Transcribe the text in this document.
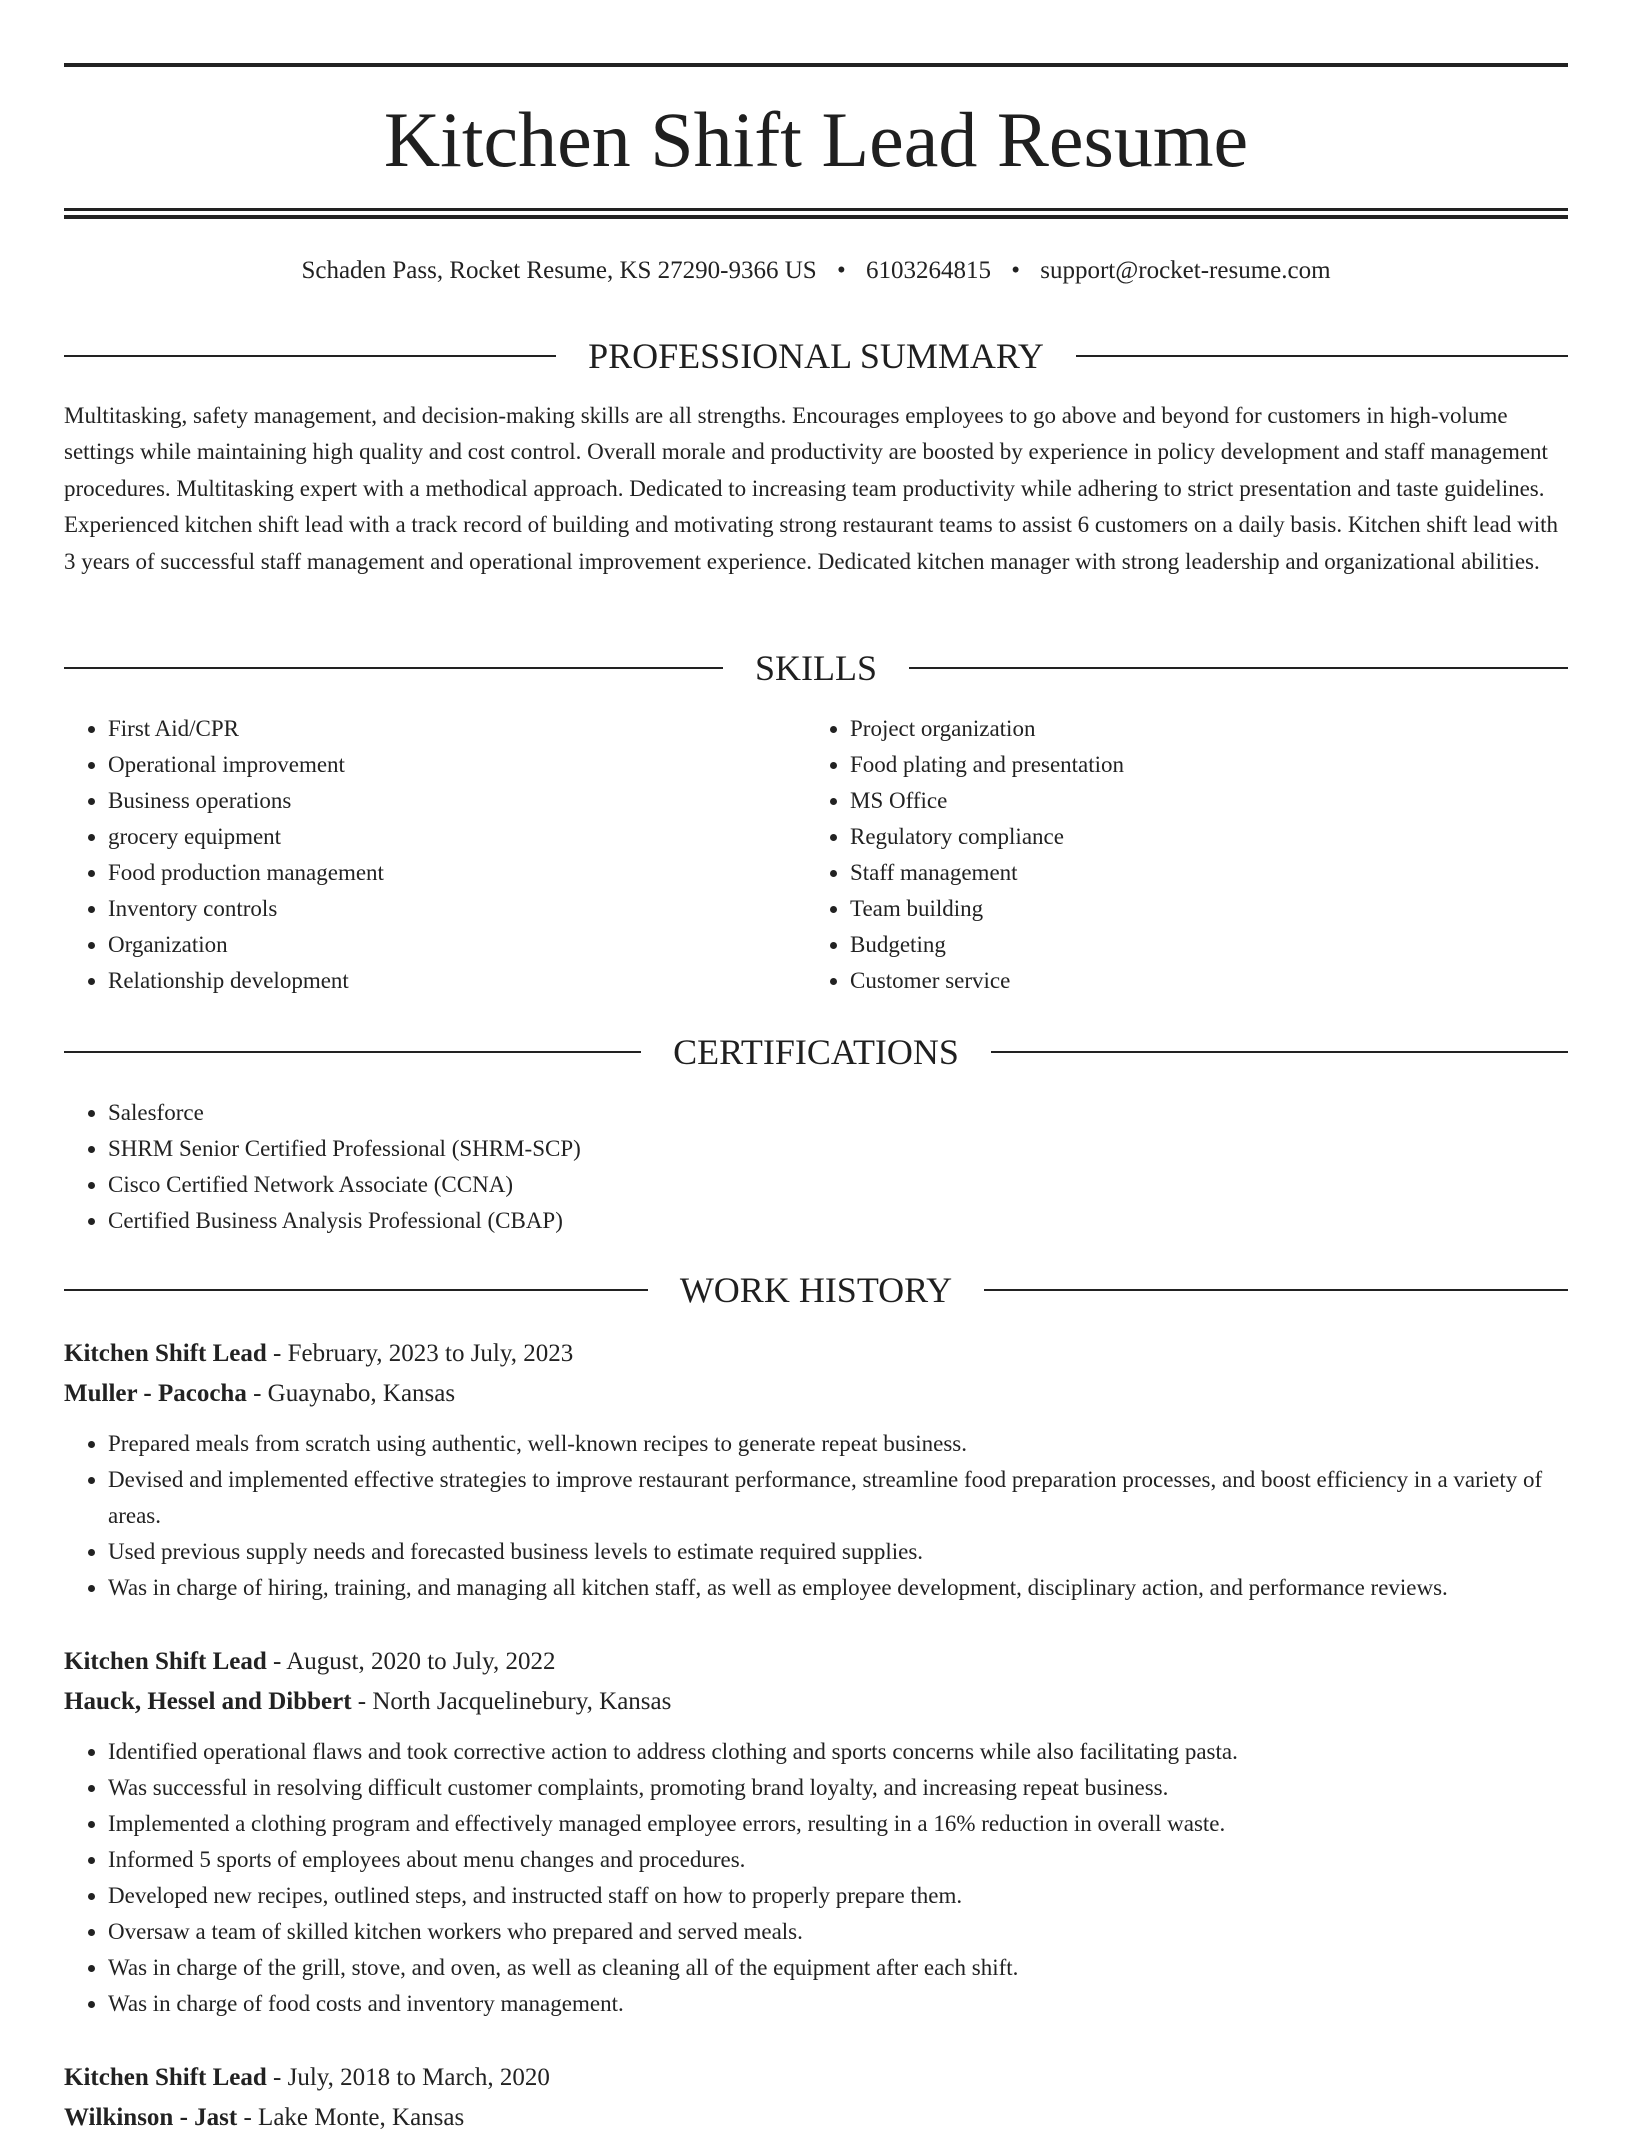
Kitchen Shift Lead Resume
Schaden Pass, Rocket Resume, KS 27290-9366 US • 6103264815 • support@rocket-resume.com
PROFESSIONAL SUMMARY

Multitasking, safety management, and decision-making skills are all strengths. Encourages employees to go above and beyond for customers in high-volume settings while maintaining high quality and cost control. Overall morale and productivity are boosted by experience in policy development and staff management procedures. Multitasking expert with a methodical approach. Dedicated to increasing team productivity while adhering to strict presentation and taste guidelines. Experienced kitchen shift lead with a track record of building and motivating strong restaurant teams to assist 6 customers on a daily basis. Kitchen shift lead with 3 years of successful staff management and operational improvement experience. Dedicated kitchen manager with strong leadership and organizational abilities.

SKILLS
• First Aid/CPR
• Operational improvement
• Business operations
• grocery equipment
• Food production management
• Inventory controls
• Organization
• Relationship development
• Project organization
• Food plating and presentation
• MS Office
• Regulatory compliance
• Staff management
• Team building
• Budgeting
• Customer service
CERTIFICATIONS
• Salesforce
• SHRM Senior Certified Professional (SHRM-SCP)
• Cisco Certified Network Associate (CCNA)
• Certified Business Analysis Professional (CBAP)
WORK HISTORY
Kitchen Shift Lead - February, 2023 to July, 2023
Muller - Pacocha - Guaynabo, Kansas
• Prepared meals from scratch using authentic, well-known recipes to generate repeat business.
• Devised and implemented effective strategies to improve restaurant performance, streamline food preparation processes, and boost efficiency in a variety of areas.
• Used previous supply needs and forecasted business levels to estimate required supplies.
• Was in charge of hiring, training, and managing all kitchen staff, as well as employee development, disciplinary action, and performance reviews.
Kitchen Shift Lead - August, 2020 to July, 2022
Hauck, Hessel and Dibbert - North Jacquelinebury, Kansas
• Identified operational flaws and took corrective action to address clothing and sports concerns while also facilitating pasta.
• Was successful in resolving difficult customer complaints, promoting brand loyalty, and increasing repeat business.
• Implemented a clothing program and effectively managed employee errors, resulting in a 16% reduction in overall waste.
• Informed 5 sports of employees about menu changes and procedures.
• Developed new recipes, outlined steps, and instructed staff on how to properly prepare them.
• Oversaw a team of skilled kitchen workers who prepared and served meals.
• Was in charge of the grill, stove, and oven, as well as cleaning all of the equipment after each shift.
• Was in charge of food costs and inventory management.
Kitchen Shift Lead - July, 2018 to March, 2020
Wilkinson - Jast - Lake Monte, Kansas
